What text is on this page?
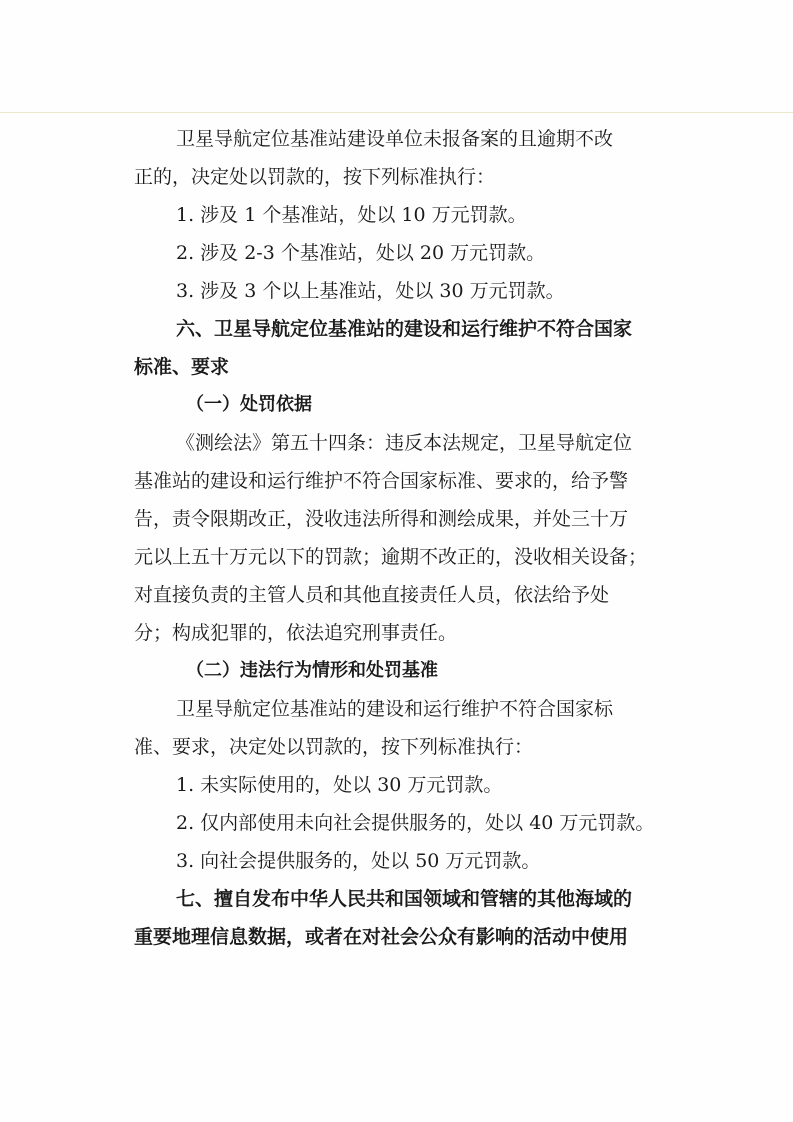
卫星导航定位基准站建设单位未报备案的且逾期不改
正的，决定处以罚款的，按下列标准执行：
1. 涉及 1 个基准站，处以 10 万元罚款。
2. 涉及 2-3 个基准站，处以 20 万元罚款。
3. 涉及 3 个以上基准站，处以 30 万元罚款。
六、卫星导航定位基准站的建设和运行维护不符合国家
标准、要求
（一）处罚依据
《测绘法》第五十四条：违反本法规定，卫星导航定位
基准站的建设和运行维护不符合国家标准、要求的，给予警
告，责令限期改正，没收违法所得和测绘成果，并处三十万
元以上五十万元以下的罚款；逾期不改正的，没收相关设备；
对直接负责的主管人员和其他直接责任人员，依法给予处
分；构成犯罪的，依法追究刑事责任。
（二）违法行为情形和处罚基准
卫星导航定位基准站的建设和运行维护不符合国家标
准、要求，决定处以罚款的，按下列标准执行：
1. 未实际使用的，处以 30 万元罚款。
2. 仅内部使用未向社会提供服务的，处以 40 万元罚款。
3. 向社会提供服务的，处以 50 万元罚款。
七、擅自发布中华人民共和国领域和管辖的其他海域的
重要地理信息数据，或者在对社会公众有影响的活动中使用
